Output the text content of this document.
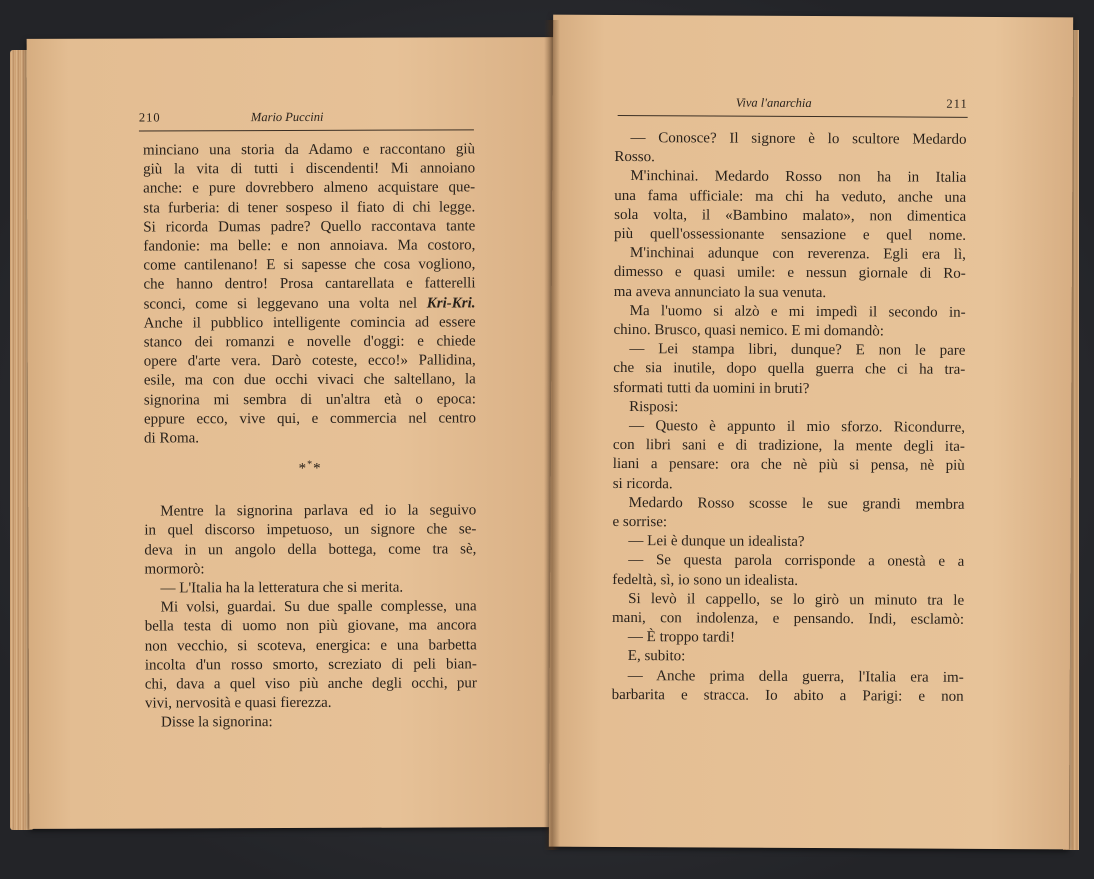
210	Mario Puccini
minciano una storia da Adamo e raccontano giù
giù la vita di tutti i discendenti! Mi annoiano
anche: e pure dovrebbero almeno acquistare que-
sta furberia: di tener sospeso il fiato di chi legge.
Si ricorda Dumas padre? Quello raccontava tante
fandonie: ma belle: e non annoiava. Ma costoro,
come cantilenano! E si sapesse che cosa vogliono,
che hanno dentro! Prosa cantarellata e fatterelli
sconci, come si leggevano una volta nel Kri-Kri.
Anche il pubblico intelligente comincia ad essere
stanco dei romanzi e novelle d'oggi: e chiede
opere d'arte vera. Darò coteste, ecco!» Pallidina,
esile, ma con due occhi vivaci che saltellano, la
signorina mi sembra di un'altra età o epoca:
eppure ecco, vive qui, e commercia nel centro
di Roma.
***
Mentre la signorina parlava ed io la seguivo
in quel discorso impetuoso, un signore che se-
deva in un angolo della bottega, come tra sè,
mormorò:
— L'Italia ha la letteratura che si merita.
Mi volsi, guardai. Su due spalle complesse, una
bella testa di uomo non più giovane, ma ancora
non vecchio, si scoteva, energica: e una barbetta
incolta d'un rosso smorto, screziato di peli bian-
chi, dava a quel viso più anche degli occhi, pur
vivi, nervosità e quasi fierezza.
Disse la signorina:
Viva l'anarchia	211
— Conosce? Il signore è lo scultore Medardo
Rosso.
M'inchinai. Medardo Rosso non ha in Italia
una fama ufficiale: ma chi ha veduto, anche una
sola volta, il «Bambino malato», non dimentica
più quell'ossessionante sensazione e quel nome.
M'inchinai adunque con reverenza. Egli era lì,
dimesso e quasi umile: e nessun giornale di Ro-
ma aveva annunciato la sua venuta.
Ma l'uomo si alzò e mi impedì il secondo in-
chino. Brusco, quasi nemico. E mi domandò:
— Lei stampa libri, dunque? E non le pare
che sia inutile, dopo quella guerra che ci ha tra-
sformati tutti da uomini in bruti?
Risposi:
— Questo è appunto il mio sforzo. Ricondurre,
con libri sani e di tradizione, la mente degli ita-
liani a pensare: ora che nè più si pensa, nè più
si ricorda.
Medardo Rosso scosse le sue grandi membra
e sorrise:
— Lei è dunque un idealista?
— Se questa parola corrisponde a onestà e a
fedeltà, sì, io sono un idealista.
Si levò il cappello, se lo girò un minuto tra le
mani, con indolenza, e pensando. Indi, esclamò:
— È troppo tardi!
E, subito:
— Anche prima della guerra, l'Italia era im-
barbarita e stracca. Io abito a Parigi: e non
